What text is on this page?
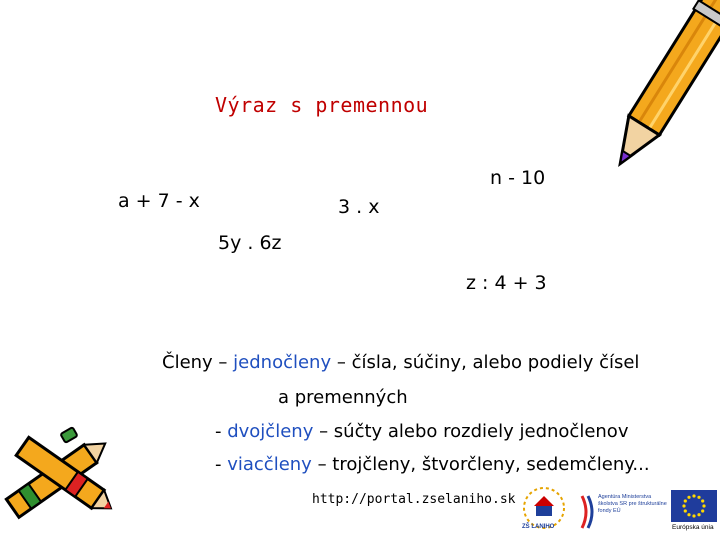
Výraz s premennou
a + 7 - x
n - 10
3 . x
5y . 6z
z : 4 + 3
Členy – jednočleny – čísla, súčiny, alebo podiely čísel
a premenných
- dvojčleny – súčty alebo rozdiely jednočlenov
- viacčleny – trojčleny, štvorčleny, sedemčleny...
http://portal.zselaniho.sk
ZŠ LANIHO
Agentúra Ministerstva školstva SR pre štrukturálne fondy EÚ
Európska únia
